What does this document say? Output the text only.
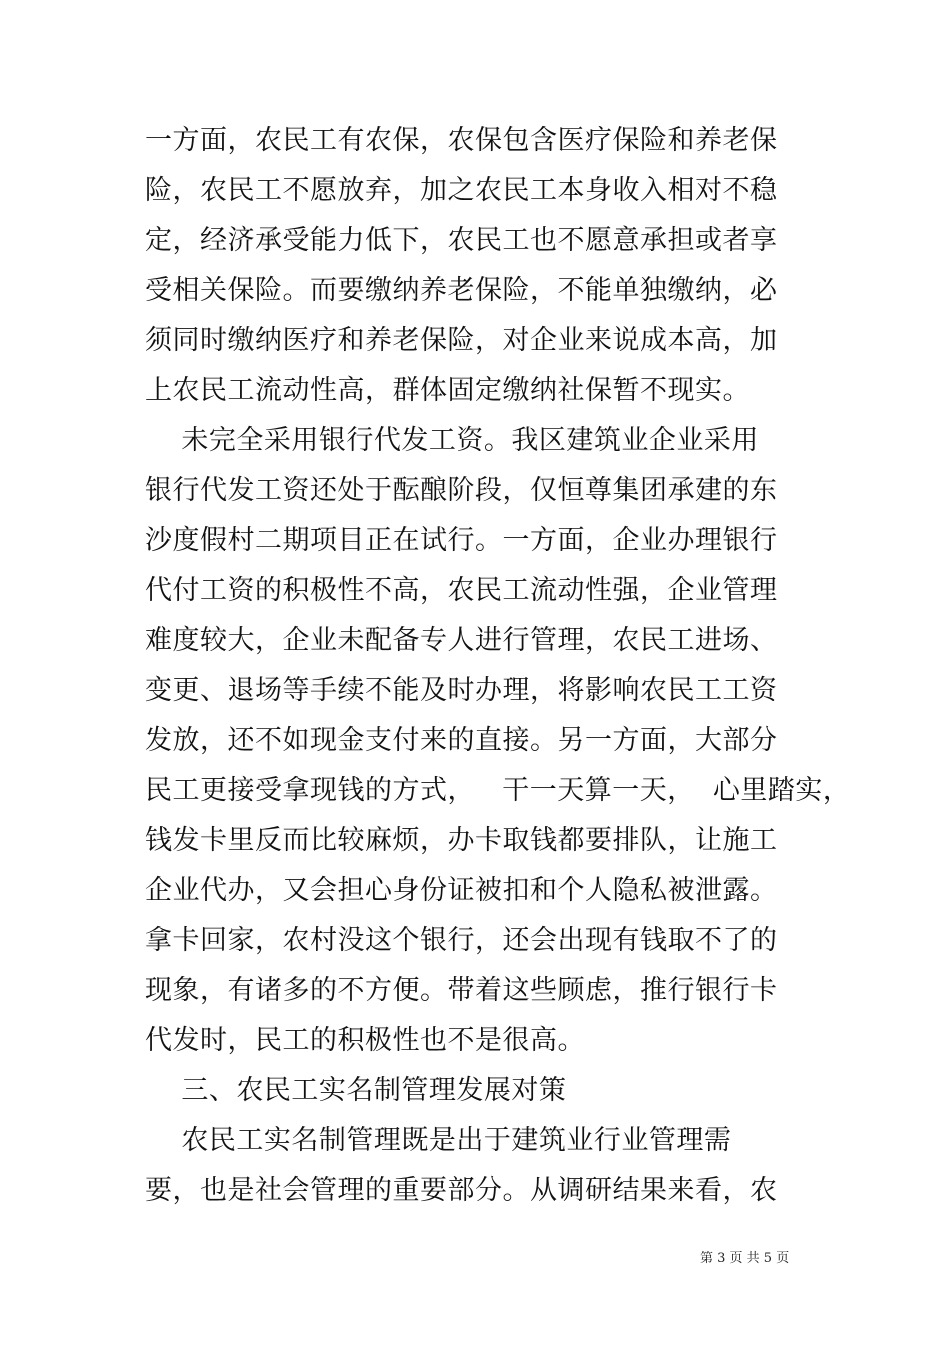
一方面，农民工有农保，农保包含医疗保险和养老保
险，农民工不愿放弃，加之农民工本身收入相对不稳
定，经济承受能力低下，农民工也不愿意承担或者享
受相关保险。而要缴纳养老保险，不能单独缴纳，必
须同时缴纳医疗和养老保险，对企业来说成本高，加
上农民工流动性高，群体固定缴纳社保暂不现实。
未完全采用银行代发工资。我区建筑业企业采用
银行代发工资还处于酝酿阶段，仅恒尊集团承建的东
沙度假村二期项目正在试行。一方面，企业办理银行
代付工资的积极性不高，农民工流动性强，企业管理
难度较大，企业未配备专人进行管理，农民工进场、
变更、退场等手续不能及时办理，将影响农民工工资
发放，还不如现金支付来的直接。另一方面，大部分
民工更接受拿现钱的方式，   干一天算一天，  心里踏实，
钱发卡里反而比较麻烦，办卡取钱都要排队，让施工
企业代办，又会担心身份证被扣和个人隐私被泄露。
拿卡回家，农村没这个银行，还会出现有钱取不了的
现象，有诸多的不方便。带着这些顾虑，推行银行卡
代发时，民工的积极性也不是很高。
三、农民工实名制管理发展对策
农民工实名制管理既是出于建筑业行业管理需
要，也是社会管理的重要部分。从调研结果来看，农
第 3 页 共 5 页
